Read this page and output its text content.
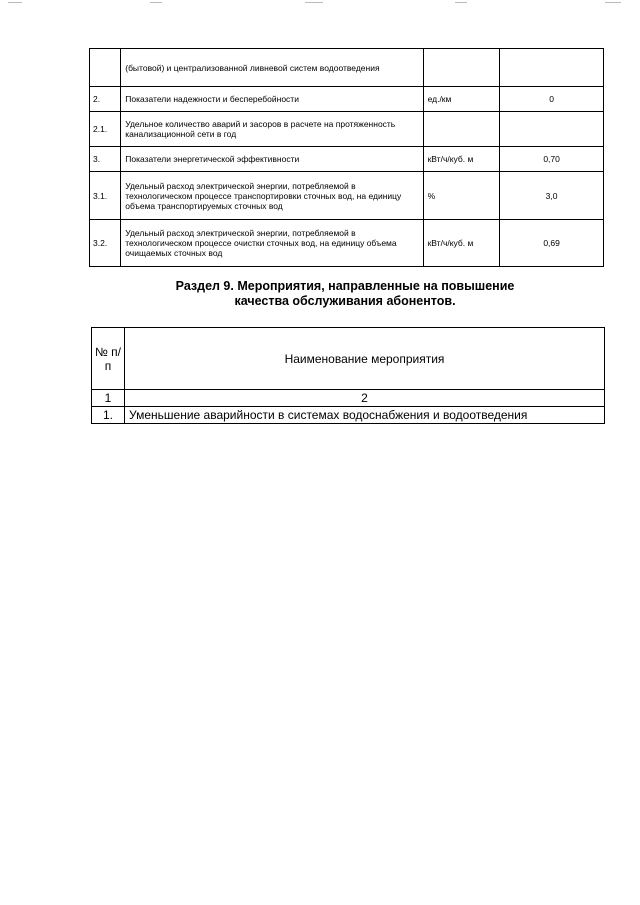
	(бытовой) и централизованной ливневой систем водоотведения		
2.	Показатели надежности и бесперебойности	ед./км	0
2.1.	Удельное количество аварий и засоров в расчете на протяженность канализационной сети в год		
3.	Показатели энергетической эффективности	кВт/ч/куб. м	0,70
3.1.	Удельный расход электрической энергии, потребляемой в технологическом процессе транспортировки сточных вод, на единицу объема транспортируемых сточных вод	%	3,0
3.2.	Удельный расход электрической энергии, потребляемой в технологическом процессе очистки сточных вод, на единицу объема очищаемых сточных вод	кВт/ч/куб. м	0,69
Раздел 9. Мероприятия, направленные на повышение
качества обслуживания абонентов.
№ п/п	Наименование мероприятия
1	2
1.	Уменьшение аварийности в системах водоснабжения и водоотведения
